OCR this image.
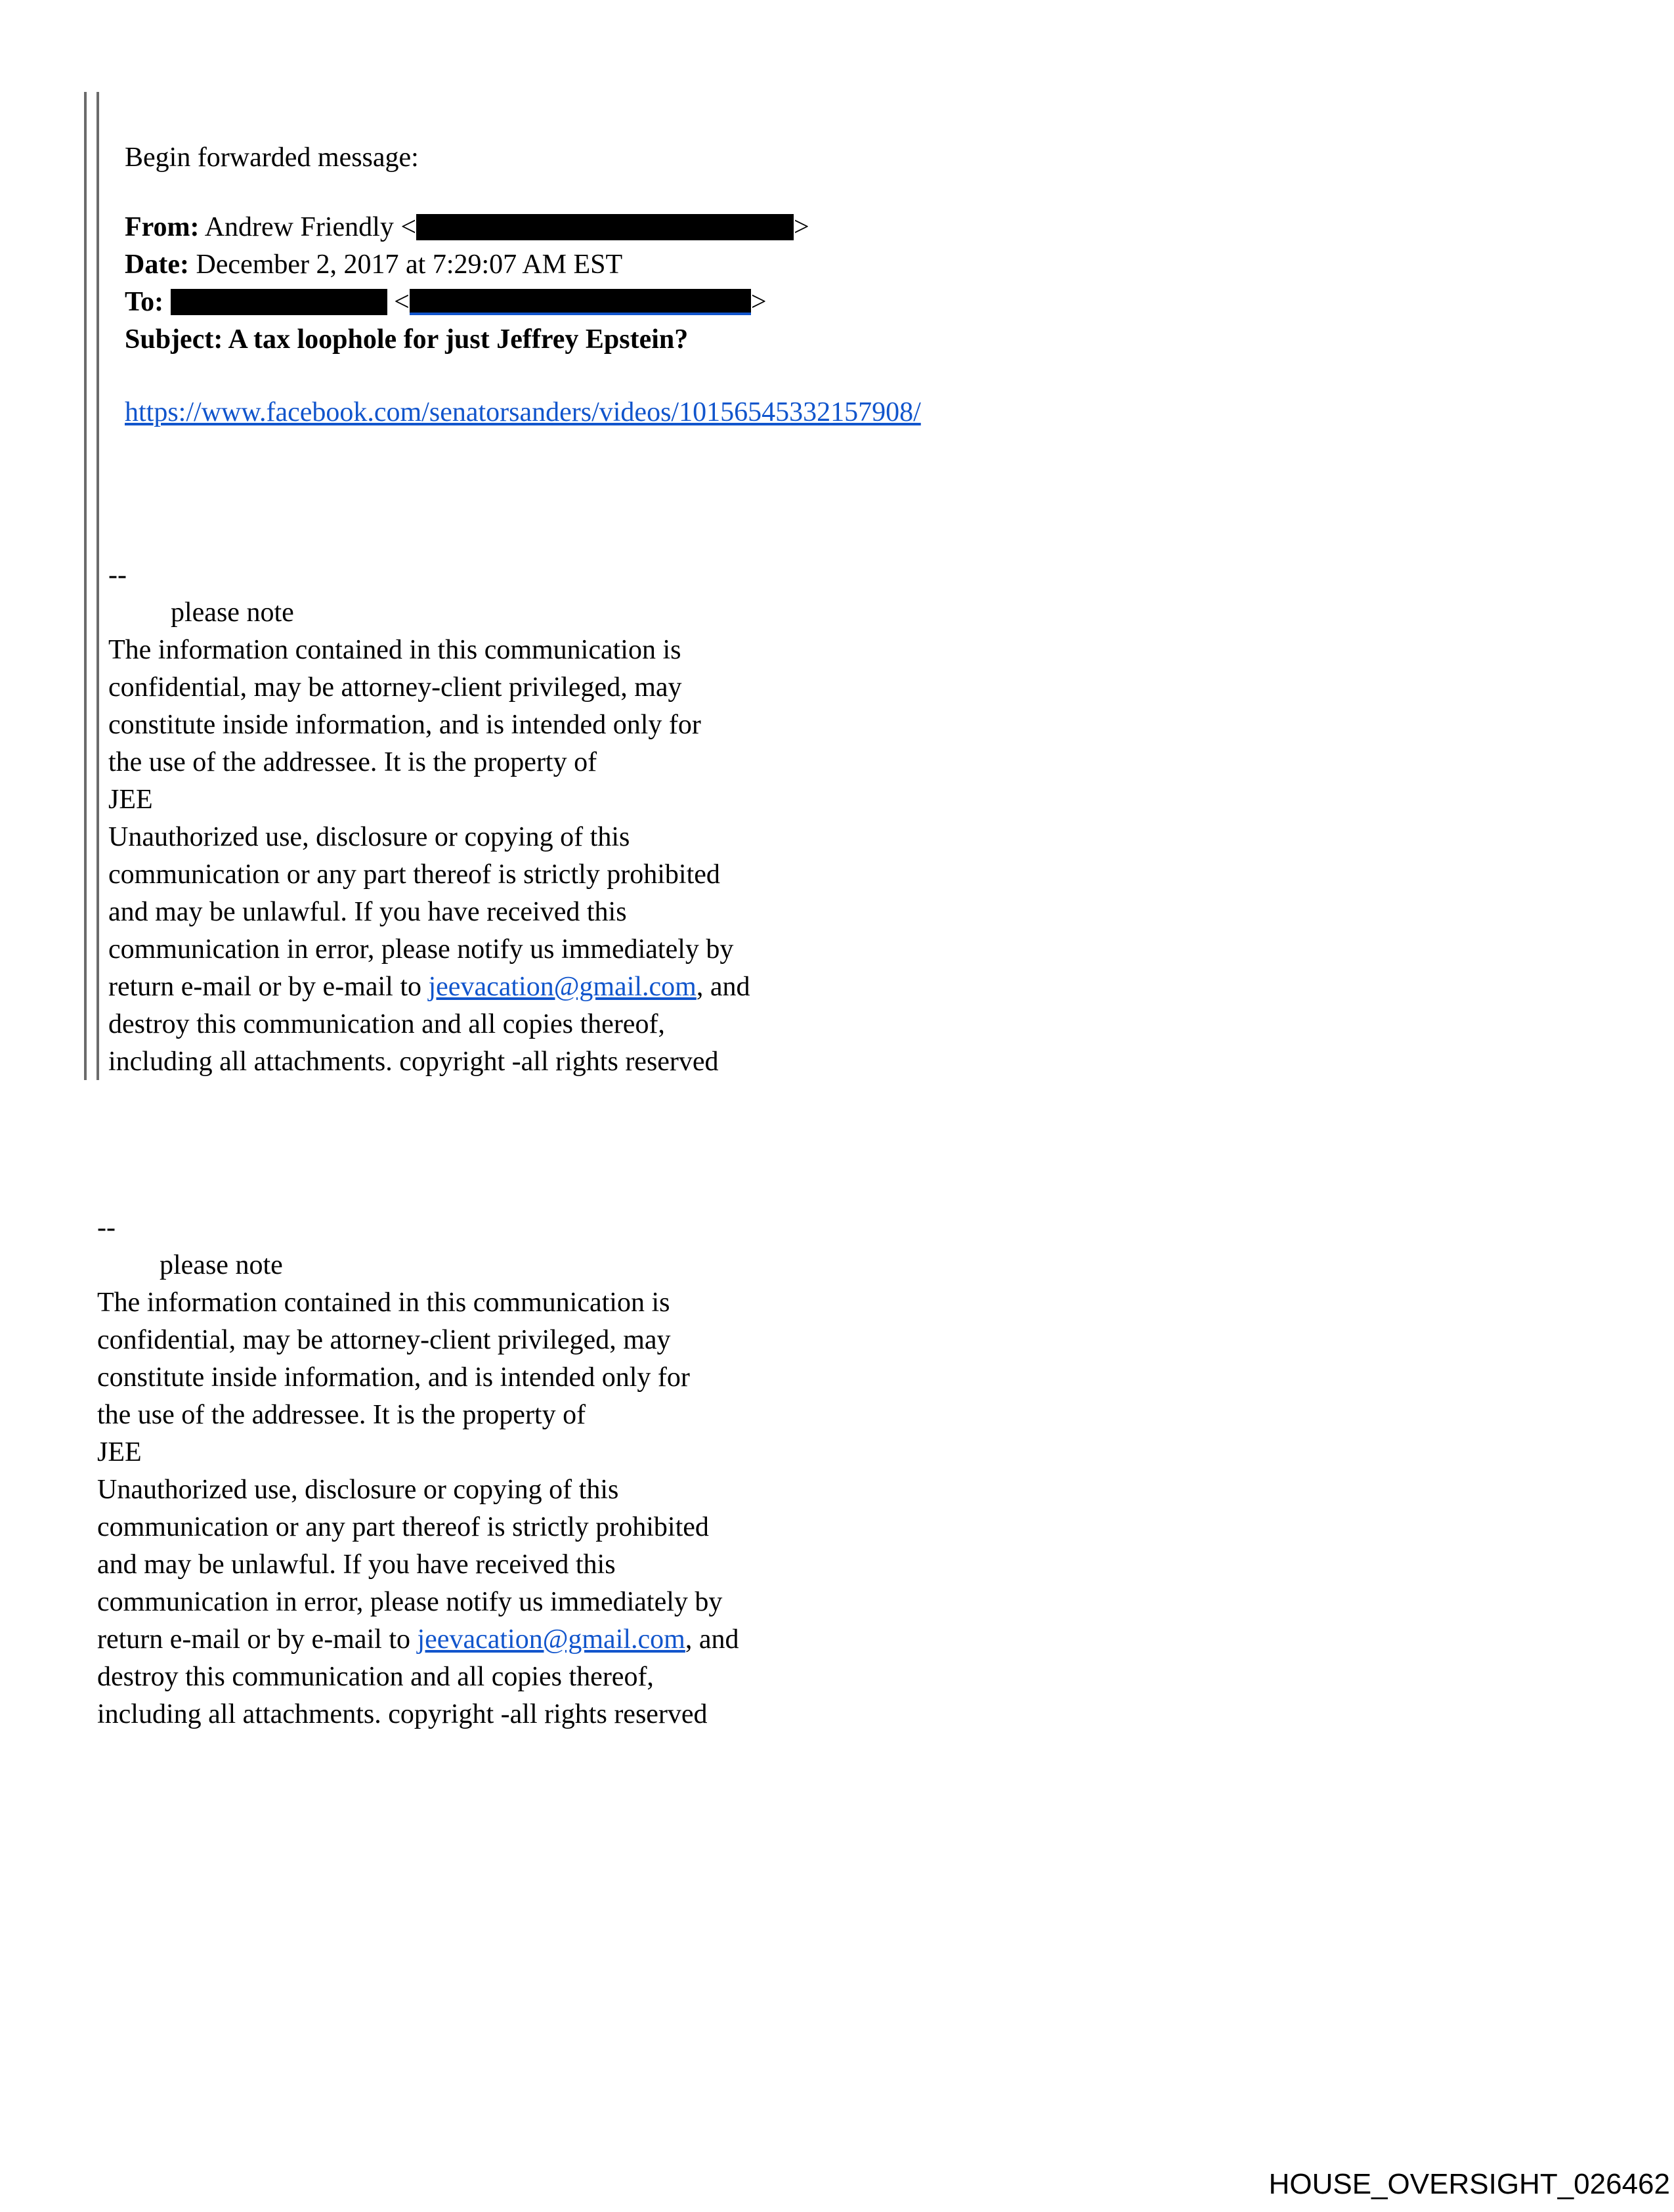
Begin forwarded message:

From: Andrew Friendly <	>

Date: December 2, 2017 at 7:29:07 AM EST

To:	<	>

Subject: A tax loophole for just Jeffrey Epstein?

https://www.facebook.com/senatorsanders/videos/10156545332157908/

--

please note

The information contained in this communication is
confidential, may be attorney-client privileged, may
constitute inside information, and is intended only for
the use of the addressee. It is the property of
JEE
Unauthorized use, disclosure or copying of this
communication or any part thereof is strictly prohibited
and may be unlawful. If you have received this
communication in error, please notify us immediately by
return e-mail or by e-mail to jeevacation@gmail.com, and
destroy this communication and all copies thereof,
including all attachments. copyright -all rights reserved

--

please note

The information contained in this communication is
confidential, may be attorney-client privileged, may
constitute inside information, and is intended only for
the use of the addressee. It is the property of
JEE
Unauthorized use, disclosure or copying of this
communication or any part thereof is strictly prohibited
and may be unlawful. If you have received this
communication in error, please notify us immediately by
return e-mail or by e-mail to jeevacation@gmail.com, and
destroy this communication and all copies thereof,
including all attachments. copyright -all rights reserved

HOUSE_OVERSIGHT_026462
